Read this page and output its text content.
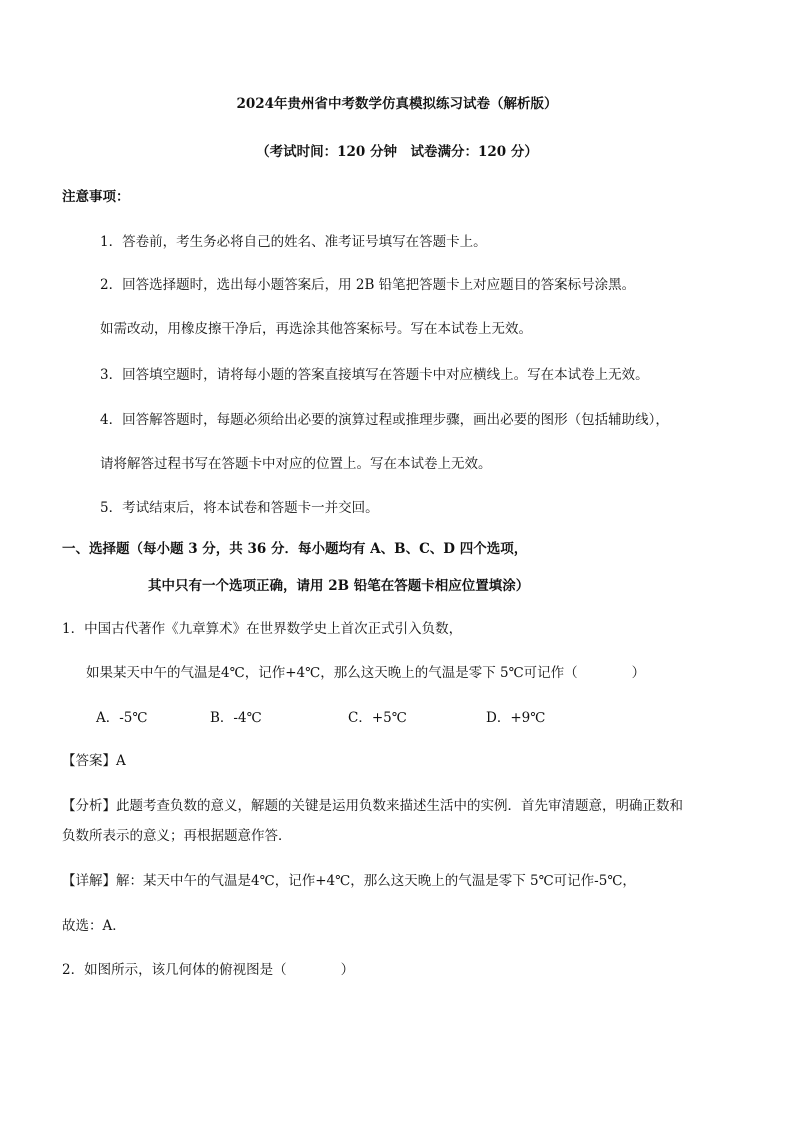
2024年贵州省中考数学仿真模拟练习试卷（解析版）
（考试时间：120 分钟　试卷满分：120 分）
注意事项：
1．答卷前，考生务必将自己的姓名、准考证号填写在答题卡上。
2．回答选择题时，选出每小题答案后，用 2B 铅笔把答题卡上对应题目的答案标号涂黑。
如需改动，用橡皮擦干净后，再选涂其他答案标号。写在本试卷上无效。
3．回答填空题时，请将每小题的答案直接填写在答题卡中对应横线上。写在本试卷上无效。
4．回答解答题时，每题必须给出必要的演算过程或推理步骤，画出必要的图形（包括辅助线），
请将解答过程书写在答题卡中对应的位置上。写在本试卷上无效。
5．考试结束后，将本试卷和答题卡一并交回。
一、选择题（每小题 3 分，共 36 分．每小题均有 A、B、C、D 四个选项，
其中只有一个选项正确，请用 2B 铅笔在答题卡相应位置填涂）
1．中国古代著作《九章算术》在世界数学史上首次正式引入负数，
如果某天中午的气温是4℃，记作+4℃，那么这天晚上的气温是零下 5℃可记作（　　　　）
A．-5℃	B．-4℃	C．+5℃	D．+9℃
【答案】A
【分析】此题考查负数的意义，解题的关键是运用负数来描述生活中的实例．首先审清题意，明确正数和
负数所表示的意义；再根据题意作答．
【详解】解：某天中午的气温是4℃，记作+4℃，那么这天晚上的气温是零下 5℃可记作-5℃，
故选：A．
2．如图所示，该几何体的俯视图是（　　　　）
